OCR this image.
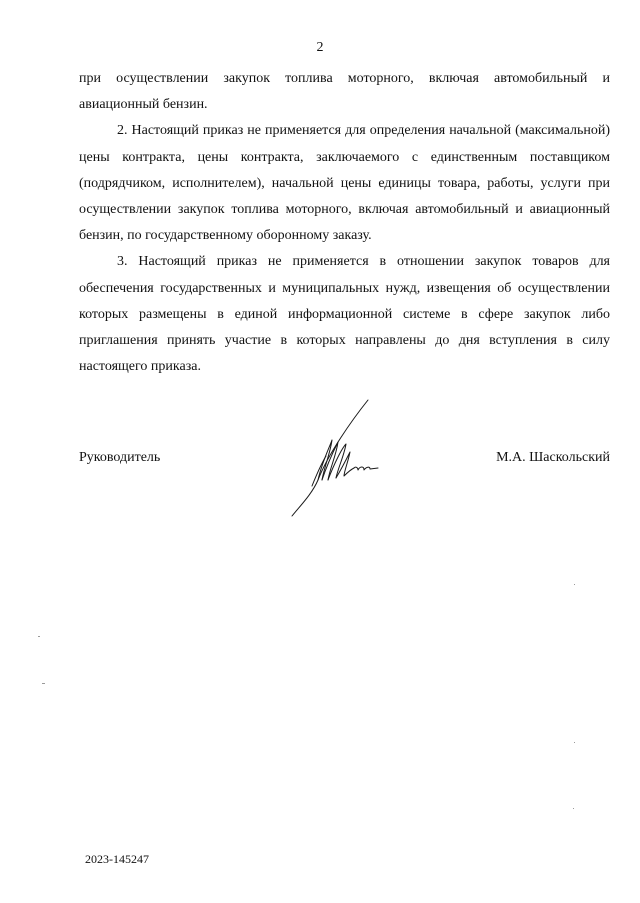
2

при осуществлении закупок топлива моторного, включая автомобильный и авиационный бензин.

2. Настоящий приказ не применяется для определения начальной (максимальной) цены контракта, цены контракта, заключаемого с единственным поставщиком (подрядчиком, исполнителем), начальной цены единицы товара, работы, услуги при осуществлении закупок топлива моторного, включая автомобильный и авиационный бензин, по государственному оборонному заказу.

3. Настоящий приказ не применяется в отношении закупок товаров для обеспечения государственных и муниципальных нужд, извещения об осуществлении которых размещены в единой информационной системе в сфере закупок либо приглашения принять участие в которых направлены до дня вступления в силу настоящего приказа.

Руководитель	М.А. Шаскольский
2023-145247
